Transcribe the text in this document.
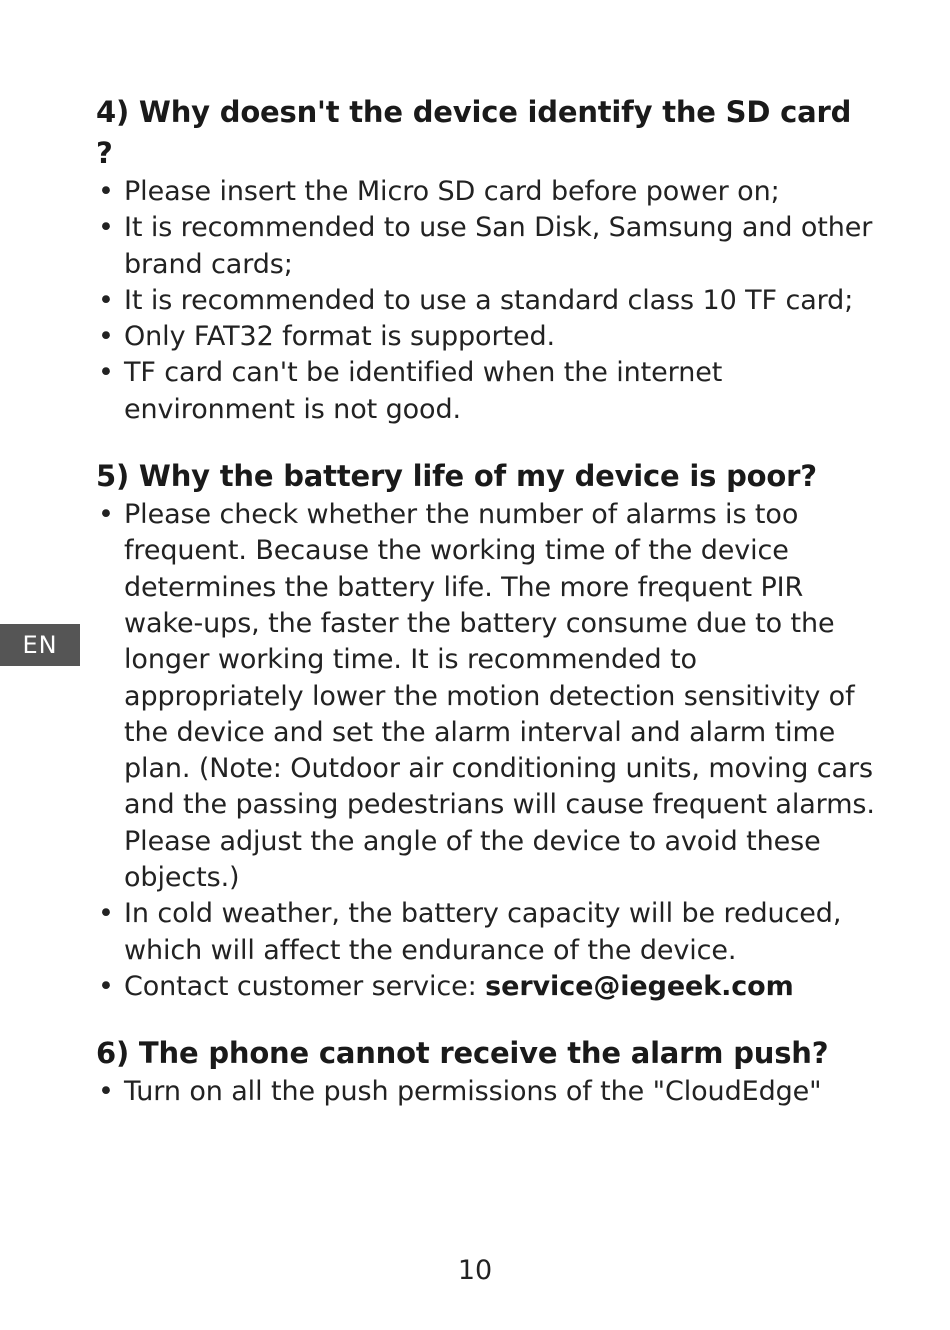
EN
4) Why doesn't the device identify the SD card ?
• Please insert the Micro SD card before power on;
• It is recommended to use San Disk, Samsung and other brand cards;
• It is recommended to use a standard class 10 TF card;
• Only FAT32 format is supported.
• TF card can't be identified when the internet environment is not good.
5) Why the battery life of my device is poor?
• Please check whether the number of alarms is too frequent. Because the working time of the device determines the battery life. The more frequent PIR wake-ups, the faster the battery consume due to the longer working time. It is recommended to appropriately lower the motion detection sensitivity of the device and set the alarm interval and alarm time plan. (Note: Outdoor air conditioning units, moving cars and the passing pedestrians will cause frequent alarms. Please adjust the angle of the device to avoid these objects.)
• In cold weather, the battery capacity will be reduced, which will affect the endurance of the device.
• Contact customer service: service@iegeek.com
6) The phone cannot receive the alarm push?
• Turn on all the push permissions of the "CloudEdge"
10
